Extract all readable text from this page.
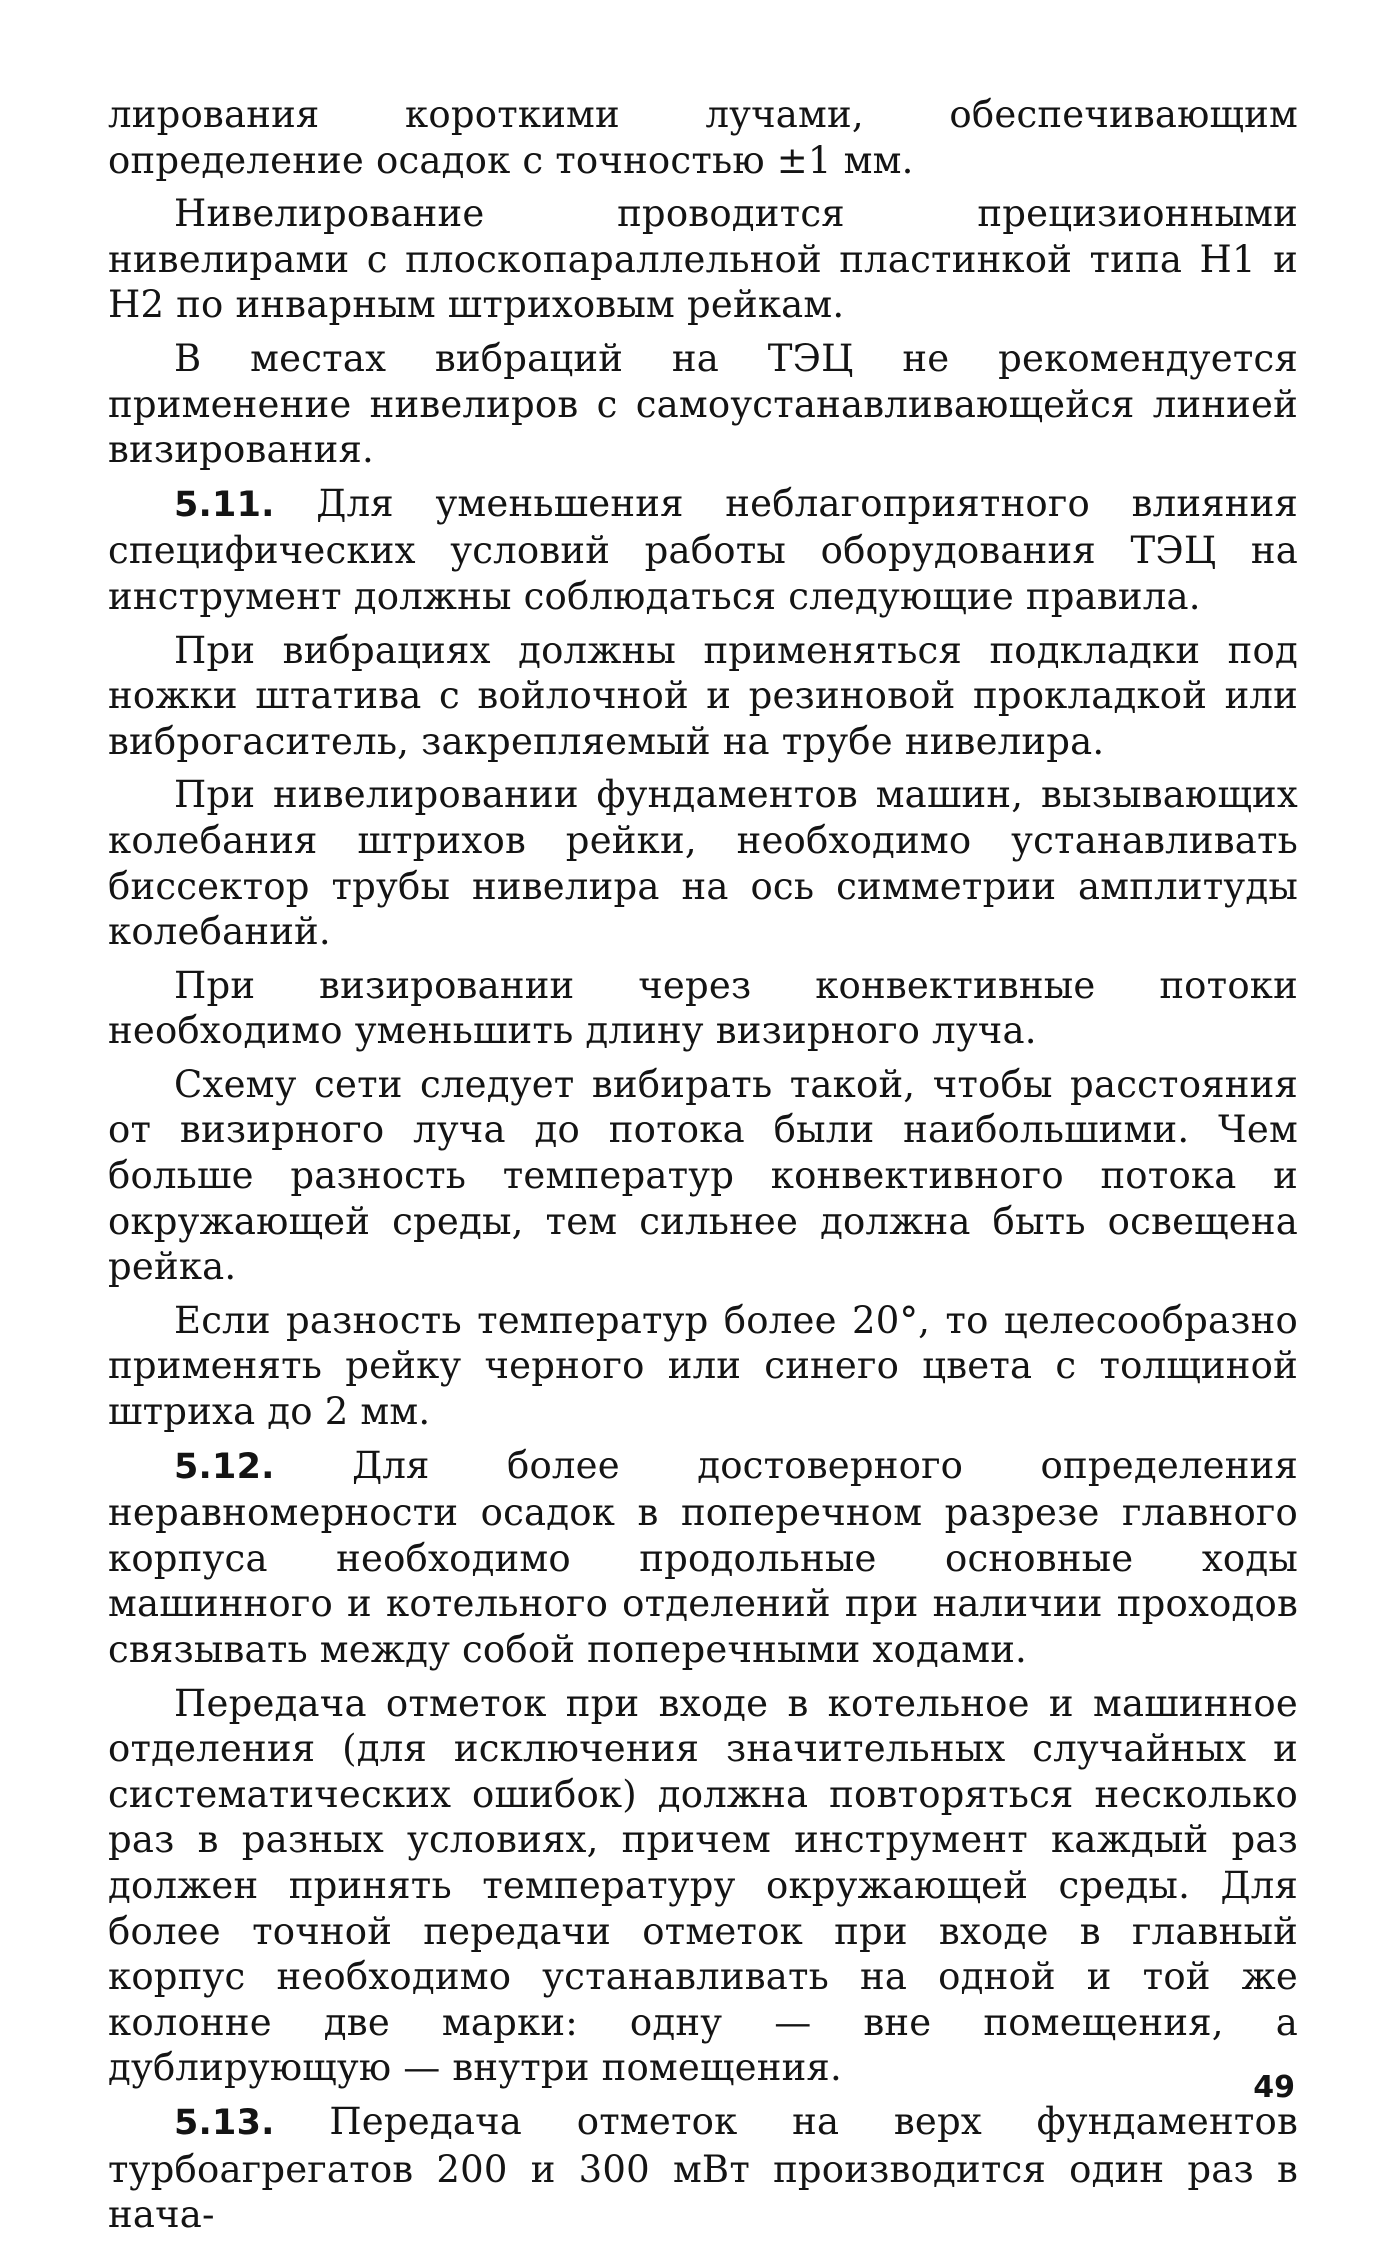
лирования короткими лучами, обеспечивающим определение осадок с точностью ±1 мм.

Нивелирование проводится прецизионными нивелирами с плоскопараллельной пластинкой типа Н1 и Н2 по инварным штриховым рейкам.

В местах вибраций на ТЭЦ не рекомендуется применение нивелиров с самоустанавливающейся линией визирования.

5.11. Для уменьшения неблагоприятного влияния специфических условий работы оборудования ТЭЦ на инструмент должны соблюдаться следующие правила.

При вибрациях должны применяться подкладки под ножки штатива с войлочной и резиновой прокладкой или виброгаситель, закрепляемый на трубе нивелира.

При нивелировании фундаментов машин, вызывающих колебания штрихов рейки, необходимо устанавливать биссектор трубы нивелира на ось симметрии амплитуды колебаний.

При визировании через конвективные потоки необходимо уменьшить длину визирного луча.

Схему сети следует вибирать такой, чтобы расстояния от визирного луча до потока были наибольшими. Чем больше разность температур конвективного потока и окружающей среды, тем сильнее должна быть освещена рейка.

Если разность температур более 20°, то целесообразно применять рейку черного или синего цвета с толщиной штриха до 2 мм.

5.12. Для более достоверного определения неравномерности осадок в поперечном разрезе главного корпуса необходимо продольные основные ходы машинного и котельного отделений при наличии проходов связывать между собой поперечными ходами.

Передача отметок при входе в котельное и машинное отделения (для исключения значительных случайных и систематических ошибок) должна повторяться несколько раз в разных условиях, причем инструмент каждый раз должен принять температуру окружающей среды. Для более точной передачи отметок при входе в главный корпус необходимо устанавливать на одной и той же колонне две марки: одну — вне помещения, а дублирующую — внутри помещения.

5.13. Передача отметок на верх фундаментов турбоагрегатов 200 и 300 мВт производится один раз в нача-

49
